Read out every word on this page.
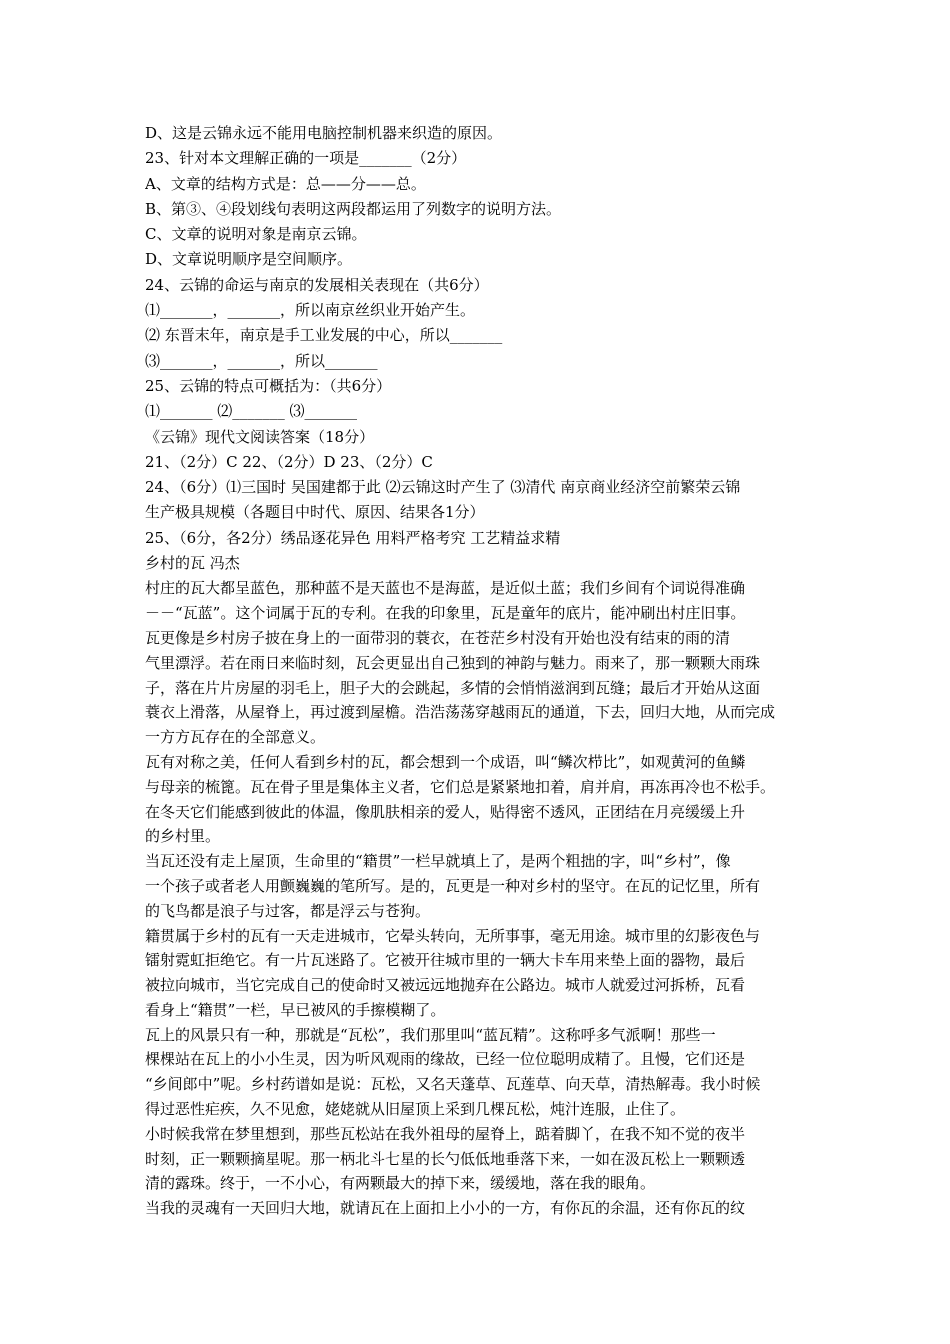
D、这是云锦永远不能用电脑控制机器来织造的原因。
23、针对本文理解正确的一项是_______（2分）
A、文章的结构方式是：总——分——总。
B、第③、④段划线句表明这两段都运用了列数字的说明方法。
C、文章的说明对象是南京云锦。
D、文章说明顺序是空间顺序。
24、云锦的命运与南京的发展相关表现在（共6分）
⑴_______，_______，所以南京丝织业开始产生。
⑵ 东晋末年，南京是手工业发展的中心，所以_______
⑶_______，_______，所以_______
25、云锦的特点可概括为：（共6分）
⑴_______ ⑵_______ ⑶_______
《云锦》现代文阅读答案（18分）
21、（2分）C 22、（2分）D 23、（2分）C
24、（6分）⑴三国时 吴国建都于此 ⑵云锦这时产生了 ⑶清代 南京商业经济空前繁荣云锦
生产极具规模（各题目中时代、原因、结果各1分）
25、（6分，各2分）绣品逐花异色 用料严格考究 工艺精益求精
乡村的瓦 冯杰
村庄的瓦大都呈蓝色，那种蓝不是天蓝也不是海蓝，是近似土蓝；我们乡间有个词说得准确
－－“瓦蓝”。这个词属于瓦的专利。在我的印象里，瓦是童年的底片，能冲刷出村庄旧事。
瓦更像是乡村房子披在身上的一面带羽的蓑衣，在苍茫乡村没有开始也没有结束的雨的清
气里漂浮。若在雨日来临时刻，瓦会更显出自己独到的神韵与魅力。雨来了，那一颗颗大雨珠
子，落在片片房屋的羽毛上，胆子大的会跳起，多情的会悄悄滋润到瓦缝；最后才开始从这面
蓑衣上滑落，从屋脊上，再过渡到屋檐。浩浩荡荡穿越雨瓦的通道，下去，回归大地，从而完成
一方方瓦存在的全部意义。
瓦有对称之美，任何人看到乡村的瓦，都会想到一个成语，叫“鳞次栉比”，如观黄河的鱼鳞
与母亲的梳篦。瓦在骨子里是集体主义者，它们总是紧紧地扣着，肩并肩，再冻再冷也不松手。
在冬天它们能感到彼此的体温，像肌肤相亲的爱人，贴得密不透风，正团结在月亮缓缓上升
的乡村里。
当瓦还没有走上屋顶，生命里的“籍贯”一栏早就填上了，是两个粗拙的字，叫“乡村”，像
一个孩子或者老人用颤巍巍的笔所写。是的，瓦更是一种对乡村的坚守。在瓦的记忆里，所有
的飞鸟都是浪子与过客，都是浮云与苍狗。
籍贯属于乡村的瓦有一天走进城市，它晕头转向，无所事事，毫无用途。城市里的幻影夜色与
镭射霓虹拒绝它。有一片瓦迷路了。它被开往城市里的一辆大卡车用来垫上面的器物，最后
被拉向城市，当它完成自己的使命时又被远远地抛弃在公路边。城市人就爱过河拆桥，瓦看
看身上“籍贯”一栏，早已被风的手擦模糊了。
瓦上的风景只有一种，那就是“瓦松”，我们那里叫“蓝瓦精”。这称呼多气派啊！那些一
棵棵站在瓦上的小小生灵，因为听风观雨的缘故，已经一位位聪明成精了。且慢，它们还是
“乡间郎中”呢。乡村药谱如是说：瓦松，又名天蓬草、瓦莲草、向天草，清热解毒。我小时候
得过恶性疟疾，久不见愈，姥姥就从旧屋顶上采到几棵瓦松，炖汁连服，止住了。
小时候我常在梦里想到，那些瓦松站在我外祖母的屋脊上，踮着脚丫，在我不知不觉的夜半
时刻，正一颗颗摘星呢。那一柄北斗七星的长勺低低地垂落下来，一如在汲瓦松上一颗颗透
清的露珠。终于，一不小心，有两颗最大的掉下来，缓缓地，落在我的眼角。
当我的灵魂有一天回归大地，就请瓦在上面扣上小小的一方，有你瓦的余温，还有你瓦的纹
